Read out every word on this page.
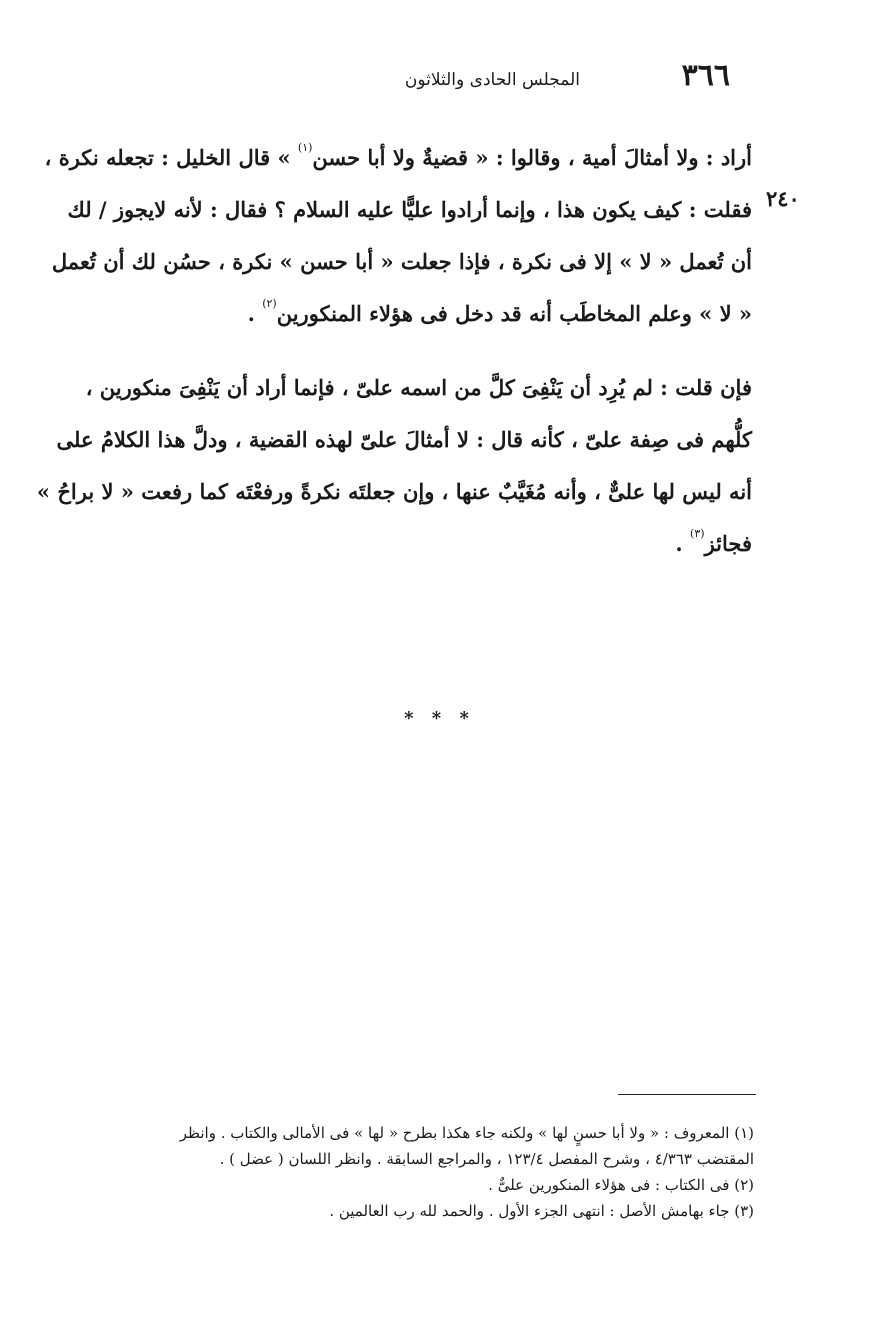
٣٦٦
المجلس الحادى والثلاثون
٢٤٠

أراد : ولا أمثالَ أمية ، وقالوا : « قضيةٌ ولا أبا حسن$^{(١)}$ » قال الخليل : تجعله نكرة ،
فقلت : كيف يكون هذا ، وإنما أرادوا عليًّا عليه السلام ؟ فقال : لأنه لايجوز / لك
أن تُعمل « لا » إلا فى نكرة ، فإذا جعلت « أبا حسن » نكرة ، حسُن لك أن تُعمل
« لا » وعلم المخاطَب أنه قد دخل فى هؤلاء المنكورين$^{(٢)}$ .

فإن قلت : لم يُرِد أن يَنْفِىَ كلَّ من اسمه علىّ ، فإنما أراد أن يَنْفِىَ منكورين ،
كلُّهم فى صِفة علىّ ، كأنه قال : لا أمثالَ علىّ لهذه القضية ، ودلَّ هذا الكلامُ على
أنه ليس لها علىٌّ ، وأنه مُغَيَّبٌ عنها ، وإن جعلتَه نكرةً ورفعْتَه كما رفعت « لا براحُ »
فجائز$^{(٣)}$ .

* * *

(١) المعروف : « ولا أبا حسنٍ لها » ولكنه جاء هكذا بطرح « لها » فى الأمالى والكتاب . وانظر

المقتضب ٤/٣٦٣ ، وشرح المفصل ١٢٣/٤ ، والمراجع السابقة . وانظر اللسان ( عضل ) .

(٢) فى الكتاب : فى هؤلاء المنكورين علىٌّ .

(٣) جاء بهامش الأصل : انتهى الجزء الأول . والحمد لله رب العالمين .
